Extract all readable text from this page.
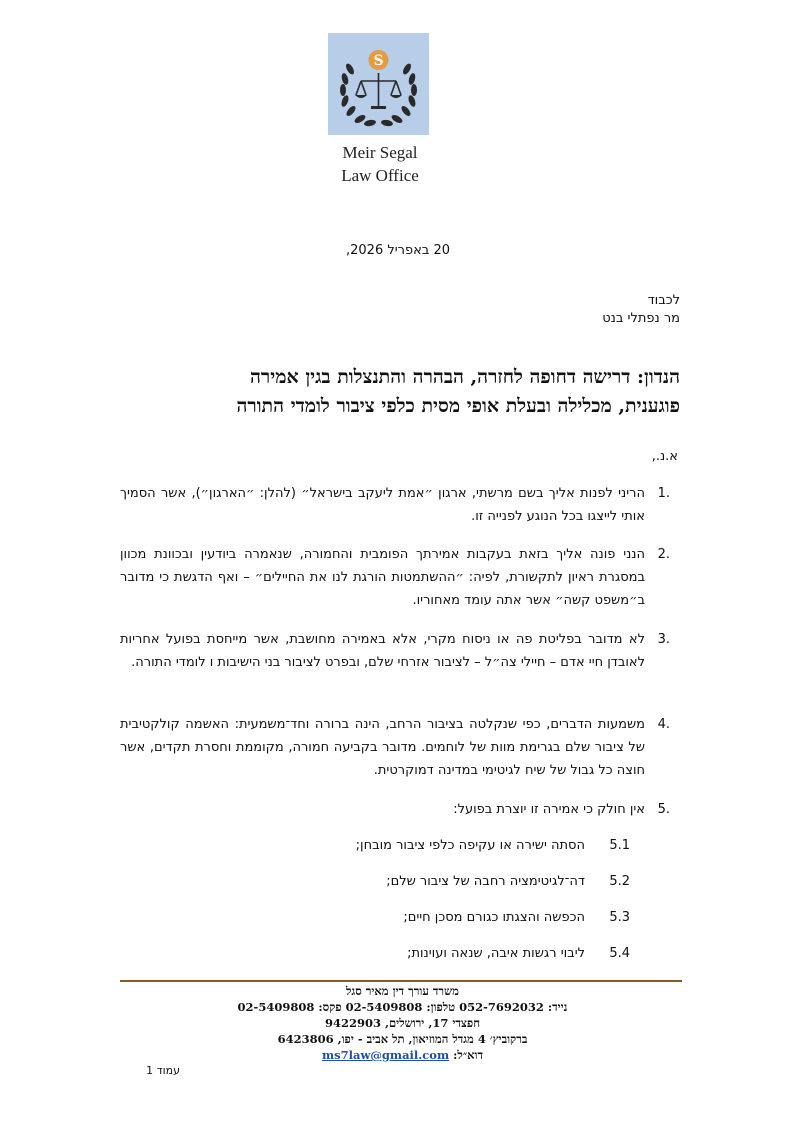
S
Meir Segal
Law Office
20 באפריל 2026,
לכבוד
מר נפתלי בנט
הנדון: דרישה דחופה לחזרה, הבהרה והתנצלות בגין אמירה
פוגענית, מכלילה ובעלת אופי מסית כלפי ציבור לומדי התורה
א.נ.,
1.
הריני לפנות אליך בשם מרשתי, ארגון ״אמת ליעקב בישראל״ (להלן: ״הארגון״), אשר הסמיך אותי לייצגו בכל הנוגע לפנייה זו.
2.
הנני פונה אליך בזאת בעקבות אמירתך הפומבית והחמורה, שנאמרה ביודעין ובכוונת מכוון במסגרת ראיון לתקשורת, לפיה: ״ההשתמטות הורגת לנו את החיילים״ – ואף הדגשת כי מדובר ב״משפט קשה״ אשר אתה עומד מאחוריו.
3.
לא מדובר בפליטת פה או ניסוח מקרי, אלא באמירה מחושבת, אשר מייחסת בפועל אחריות לאובדן חיי אדם – חיילי צה״ל – לציבור אזרחי שלם, ובפרט לציבור בני הישיבות ו לומדי התורה.
4.
משמעות הדברים, כפי שנקלטה בציבור הרחב, הינה ברורה וחד־משמעית: האשמה קולקטיבית של ציבור שלם בגרימת מוות של לוחמים. מדובר בקביעה חמורה, מקוממת וחסרת תקדים, אשר חוצה כל גבול של שיח לגיטימי במדינה דמוקרטית.
5.
אין חולק כי אמירה זו יוצרת בפועל:
5.1
הסתה ישירה או עקיפה כלפי ציבור מובחן;
5.2
דה־לגיטימציה רחבה של ציבור שלם;
5.3
הכפשה והצגתו כגורם מסכן חיים;
5.4
ליבוי רגשות איבה, שנאה ועוינות;
משרד עורך דין מאיר סגל
נייד: 052-7692032 טלפון: 02-5409808 פקס: 02-5409808
חפצדי 17, ירושלים, 9422903
ברקוביץ׳ 4 מגדל המוזיאון, תל אביב - יפו, 6423806
דוא״ל: ms7law@gmail.com
עמוד 1
